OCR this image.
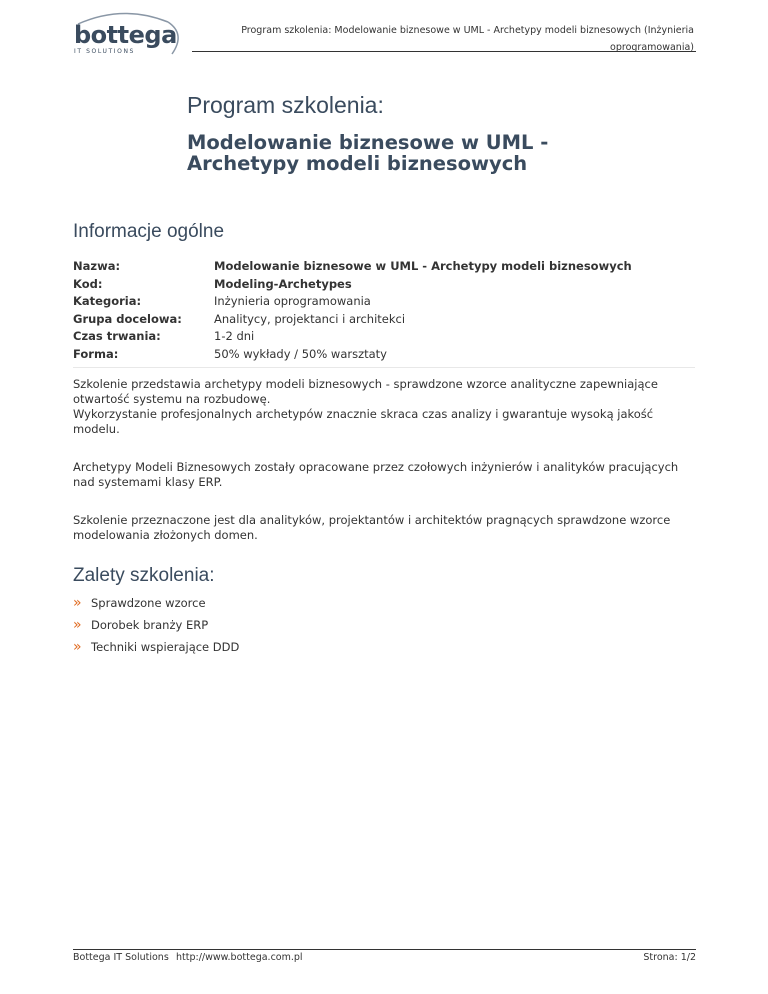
bottega
IT SOLUTIONS
Program szkolenia: Modelowanie biznesowe w UML - Archetypy modeli biznesowych (Inżynieria oprogramowania)
Program szkolenia:
Modelowanie biznesowe w UML - Archetypy modeli biznesowych
Informacje ogólne
Nazwa:	Modelowanie biznesowe w UML - Archetypy modeli biznesowych
Kod:	Modeling-Archetypes
Kategoria:	Inżynieria oprogramowania
Grupa docelowa:	Analitycy, projektanci i architekci
Czas trwania:	1-2 dni
Forma:	50% wykłady / 50% warsztaty
Szkolenie przedstawia archetypy modeli biznesowych - sprawdzone wzorce analityczne zapewniające otwartość systemu na rozbudowę.
Wykorzystanie profesjonalnych archetypów znacznie skraca czas analizy i gwarantuje wysoką jakość modelu.
Archetypy Modeli Biznesowych zostały opracowane przez czołowych inżynierów i analityków pracujących nad systemami klasy ERP.
Szkolenie przeznaczone jest dla analityków, projektantów i architektów pragnących sprawdzone wzorce modelowania złożonych domen.
Zalety szkolenia:
» Sprawdzone wzorce
» Dorobek branży ERP
» Techniki wspierające DDD
Bottega IT Solutions http://www.bottega.com.pl	Strona: 1/2
